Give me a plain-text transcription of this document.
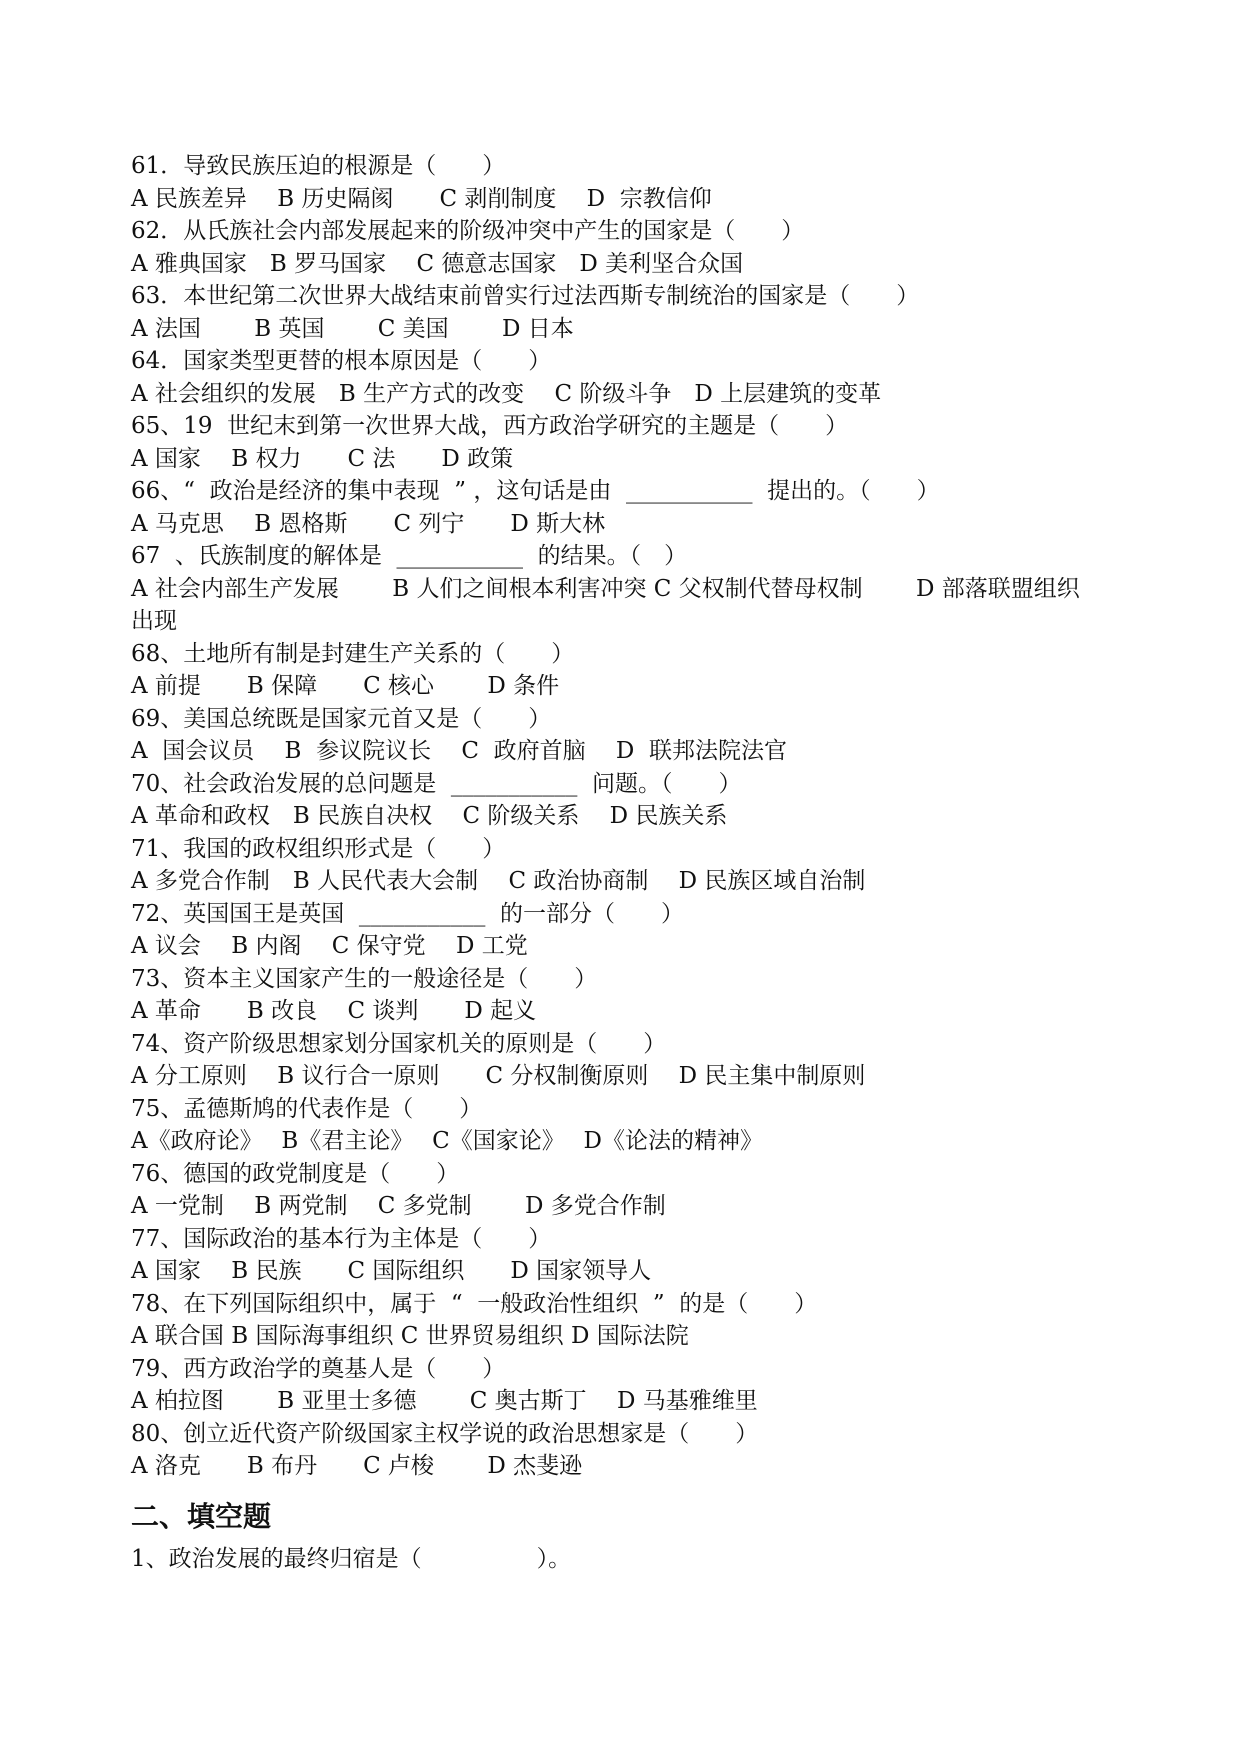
61．导致民族压迫的根源是（　　）

A 民族差异　 B 历史隔阂　　C 剥削制度　 D  宗教信仰

62．从氏族社会内部发展起来的阶级冲突中产生的国家是（　　）

A 雅典国家　B 罗马国家　 C 德意志国家　D 美利坚合众国

63．本世纪第二次世界大战结束前曾实行过法西斯专制统治的国家是（　　）

A 法国　　 B 英国　　 C 美国　　 D 日本

64．国家类型更替的根本原因是（　　）

A 社会组织的发展　B 生产方式的改变　 C 阶级斗争　D 上层建筑的变革

65、19  世纪末到第一次世界大战，西方政治学研究的主题是（　　）

A 国家　 B 权力　　C 法　　D 政策

66、“  政治是经济的集中表现  ” ，这句话是由  ___________  提出的。（　　）

A 马克思　 B 恩格斯　　C 列宁　　D 斯大林

67  、氏族制度的解体是  ___________  的结果。（　）

A 社会内部生产发展　　 B 人们之间根本利害冲突 C 父权制代替母权制　　 D 部落联盟组织出现

68、土地所有制是封建生产关系的（　　）

A 前提　　B 保障　　C 核心　　 D 条件

69、美国总统既是国家元首又是（　　）

A  国会议员　 B  参议院议长　 C  政府首脑　 D  联邦法院法官

70、社会政治发展的总问题是  ___________  问题。（　　）

A 革命和政权　B 民族自决权　 C 阶级关系　 D 民族关系

71、我国的政权组织形式是（　　）

A 多党合作制　B 人民代表大会制　 C 政治协商制　 D 民族区域自治制

72、英国国王是英国  ___________  的一部分（　　）

A 议会　 B 内阁　 C 保守党　 D 工党

73、资本主义国家产生的一般途径是（　　）

A 革命　　B 改良　 C 谈判　　D 起义

74、资产阶级思想家划分国家机关的原则是（　　）

A 分工原则　 B 议行合一原则　　C 分权制衡原则　 D 民主集中制原则

75、孟德斯鸠的代表作是（　　）

A《政府论》　 B《君主论》　 C《国家论》　 D《论法的精神》

76、德国的政党制度是（　　）

A 一党制　 B 两党制　 C 多党制　　 D 多党合作制

77、国际政治的基本行为主体是（　　）

A 国家　 B 民族　　C 国际组织　　D 国家领导人

78、在下列国际组织中，属于  “  一般政治性组织  ”  的是（　　）

A 联合国 B 国际海事组织 C 世界贸易组织 D 国际法院

79、西方政治学的奠基人是（　　）

A 柏拉图　　 B 亚里士多德　　 C 奥古斯丁　 D 马基雅维里

80、创立近代资产阶级国家主权学说的政治思想家是（　　）

A 洛克　　B 布丹　　C 卢梭　　 D 杰斐逊

二、填空题

1、政治发展的最终归宿是（　　　　　）。
